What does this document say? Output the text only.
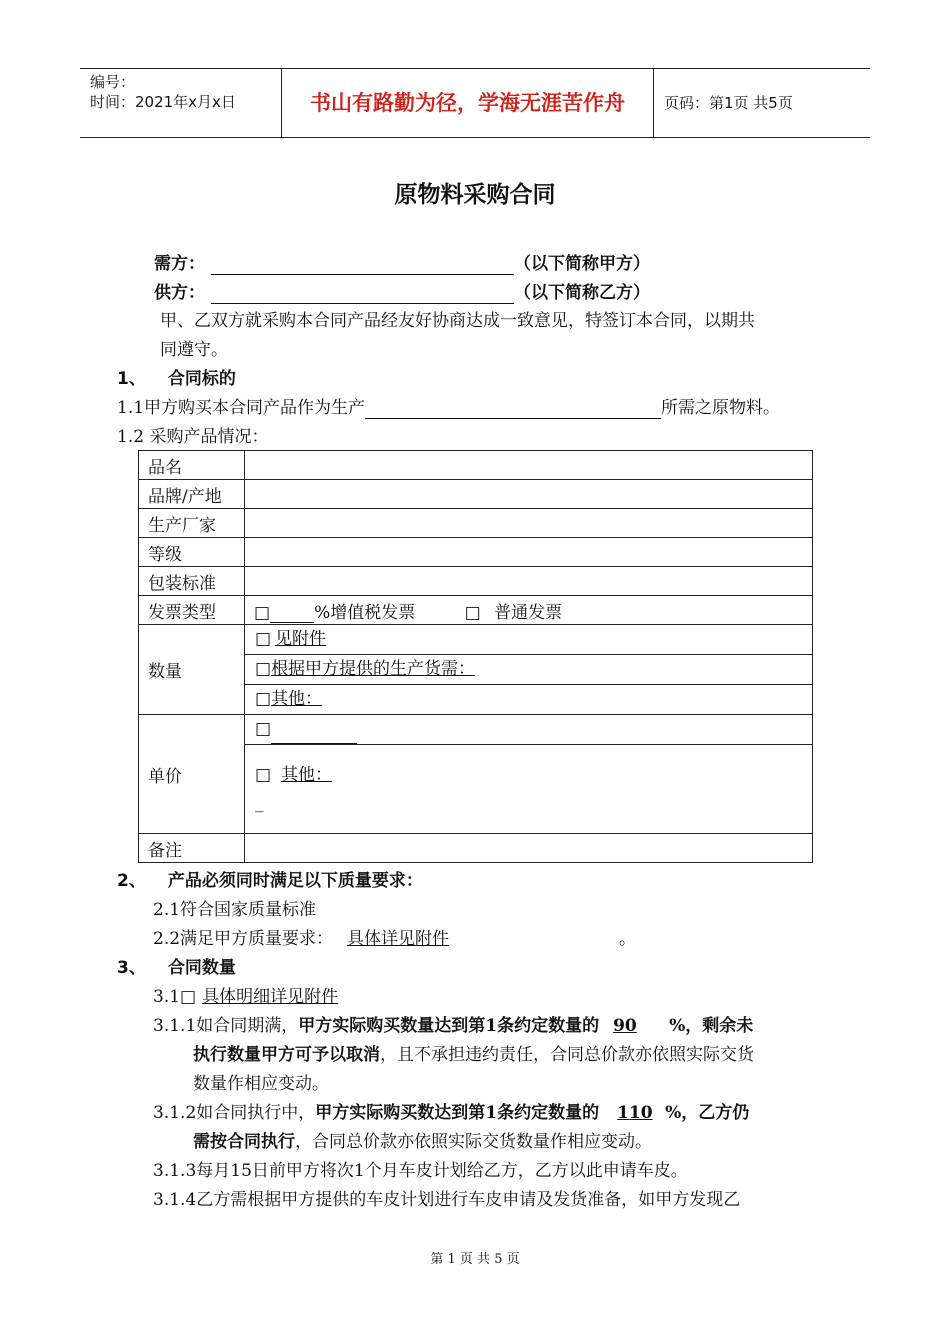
编号：
时间：2021年x月x日	书山有路勤为径，学海无涯苦作舟	页码：第1页 共5页
原物料采购合同
需方：	（以下简称甲方）
供方：	（以下简称乙方）
甲、乙双方就采购本合同产品经友好协商达成一致意见，特签订本合同，以期共
同遵守。
1、 合同标的
1.1甲方购买本合同产品作为生产	所需之原物料。
1.2 采购产品情况：
品名	
品牌/产地	
生产厂家	
等级	
包装标准	
发票类型	□ %增值税发票 □ 普通发票
数量	□ 见附件
□根据甲方提供的生产货需：
□其他：

单价	□
□ 其他：
_

备注	
2、 产品必须同时满足以下质量要求：
2.1符合国家质量标准
2.2满足甲方质量要求： 具体详见附件	。
3、 合同数量
3.1□ 具体明细详见附件
3.1.1如合同期满，甲方实际购买数量达到第1条约定数量的 90 %，剩余未
执行数量甲方可予以取消，且不承担违约责任，合同总价款亦依照实际交货
数量作相应变动。
3.1.2如合同执行中，甲方实际购买数达到第1条约定数量的 110 %，乙方仍
需按合同执行，合同总价款亦依照实际交货数量作相应变动。
3.1.3每月15日前甲方将次1个月车皮计划给乙方，乙方以此申请车皮。
3.1.4乙方需根据甲方提供的车皮计划进行车皮申请及发货准备，如甲方发现乙
第 1 页 共 5 页
